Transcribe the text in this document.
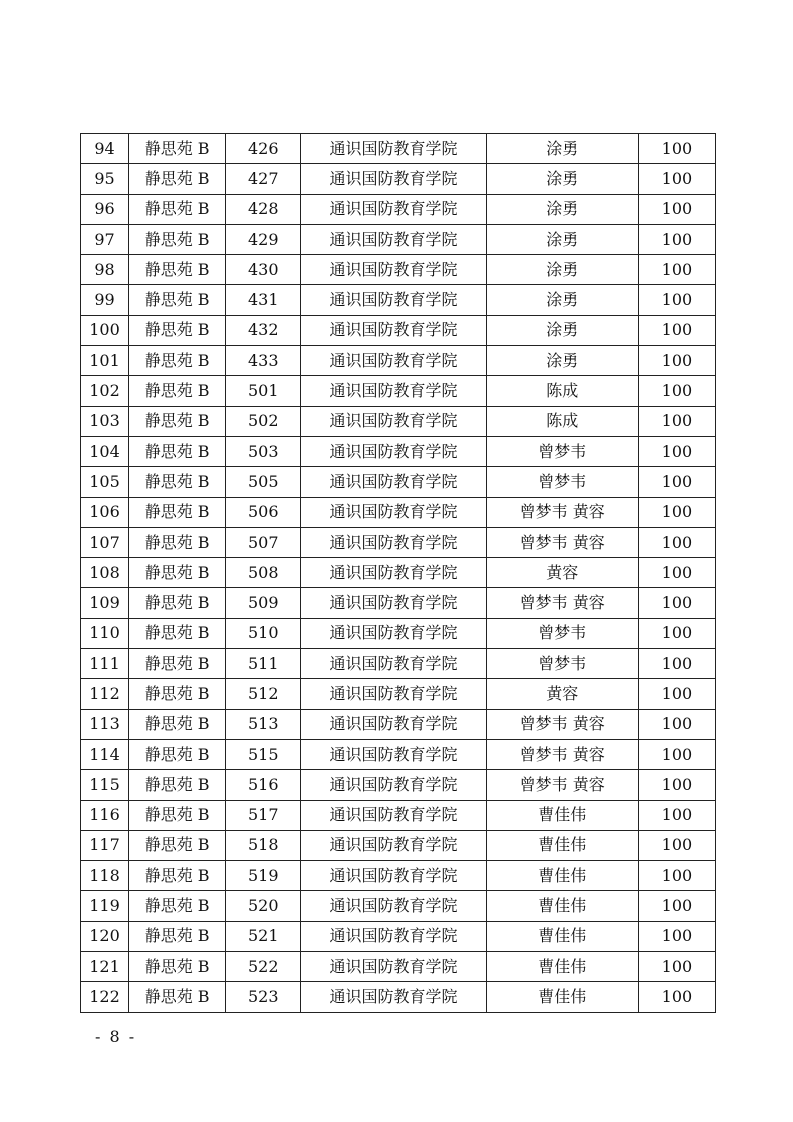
94	静思苑 B	426	通识国防教育学院	涂勇	100
95	静思苑 B	427	通识国防教育学院	涂勇	100
96	静思苑 B	428	通识国防教育学院	涂勇	100
97	静思苑 B	429	通识国防教育学院	涂勇	100
98	静思苑 B	430	通识国防教育学院	涂勇	100
99	静思苑 B	431	通识国防教育学院	涂勇	100
100	静思苑 B	432	通识国防教育学院	涂勇	100
101	静思苑 B	433	通识国防教育学院	涂勇	100
102	静思苑 B	501	通识国防教育学院	陈成	100
103	静思苑 B	502	通识国防教育学院	陈成	100
104	静思苑 B	503	通识国防教育学院	曾梦韦	100
105	静思苑 B	505	通识国防教育学院	曾梦韦	100
106	静思苑 B	506	通识国防教育学院	曾梦韦 黄容	100
107	静思苑 B	507	通识国防教育学院	曾梦韦 黄容	100
108	静思苑 B	508	通识国防教育学院	黄容	100
109	静思苑 B	509	通识国防教育学院	曾梦韦 黄容	100
110	静思苑 B	510	通识国防教育学院	曾梦韦	100
111	静思苑 B	511	通识国防教育学院	曾梦韦	100
112	静思苑 B	512	通识国防教育学院	黄容	100
113	静思苑 B	513	通识国防教育学院	曾梦韦 黄容	100
114	静思苑 B	515	通识国防教育学院	曾梦韦 黄容	100
115	静思苑 B	516	通识国防教育学院	曾梦韦 黄容	100
116	静思苑 B	517	通识国防教育学院	曹佳伟	100
117	静思苑 B	518	通识国防教育学院	曹佳伟	100
118	静思苑 B	519	通识国防教育学院	曹佳伟	100
119	静思苑 B	520	通识国防教育学院	曹佳伟	100
120	静思苑 B	521	通识国防教育学院	曹佳伟	100
121	静思苑 B	522	通识国防教育学院	曹佳伟	100
122	静思苑 B	523	通识国防教育学院	曹佳伟	100
- 8 -
